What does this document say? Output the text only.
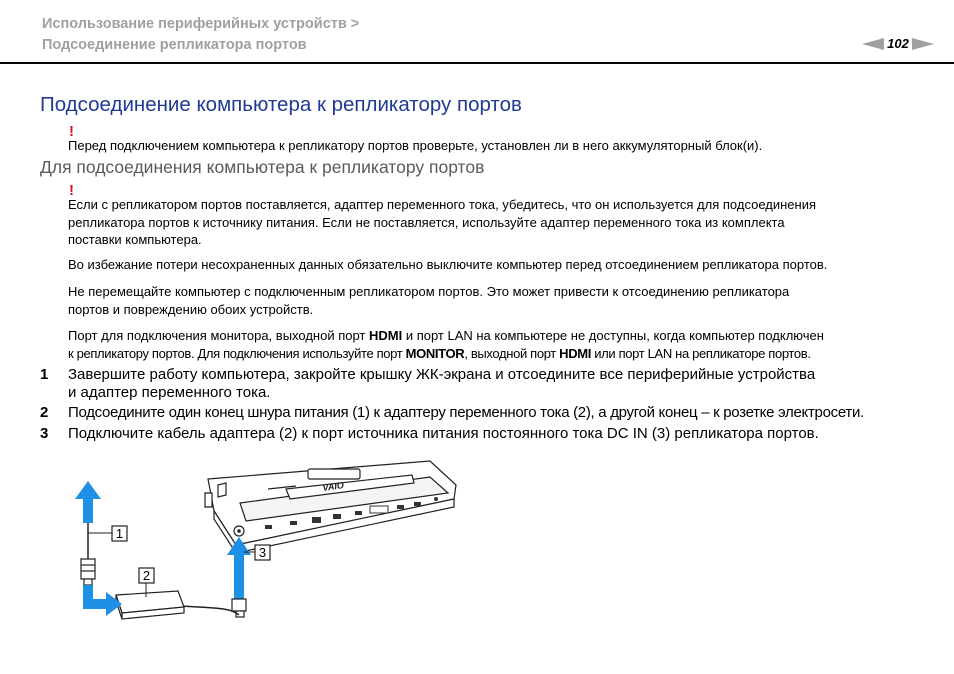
Использование периферийных устройств >
Подсоединение репликатора портов	102
Подсоединение компьютера к репликатору портов
!
Перед подключением компьютера к репликатору портов проверьте, установлен ли в него аккумуляторный блок(и).
Для подсоединения компьютера к репликатору портов
!
Если с репликатором портов поставляется, адаптер переменного тока, убедитесь, что он используется для подсоединения
репликатора портов к источнику питания. Если не поставляется, используйте адаптер переменного тока из комплекта
поставки компьютера.
Во избежание потери несохраненных данных обязательно выключите компьютер перед отсоединением репликатора портов.
Не перемещайте компьютер с подключенным репликатором портов. Это может привести к отсоединению репликатора
портов и повреждению обоих устройств.
Порт для подключения монитора, выходной порт HDMI и порт LAN на компьютере не доступны, когда компьютер подключен
к репликатору портов. Для подключения используйте порт MONITOR, выходной порт HDMI или порт LAN на репликаторе портов.
1 Завершите работу компьютера, закройте крышку ЖК-экрана и отсоедините все периферийные устройства
и адаптер переменного тока.
2 Подсоедините один конец шнура питания (1) к адаптеру переменного тока (2), а другой конец – к розетке электросети.
3 Подключите кабель адаптера (2) к порт источника питания постоянного тока DC IN (3) репликатора портов.
VAIO
2
1
3
